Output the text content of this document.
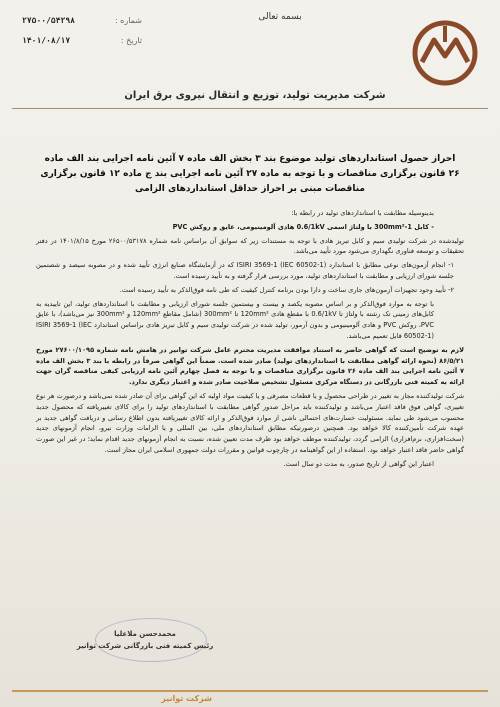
بسمه تعالی
شماره :
۲۷۵۰۰/۵۴۲۹۸
تاریخ :
۱۴۰۱/۰۸/۱۷
شرکت مدیریت تولید، توزیع و انتقال نیروی برق ایران
احراز حصول استانداردهای تولید موضوع بند ۳ بخش الف ماده ۷ آئین نامه اجرایی بند الف ماده ۲۶ قانون برگزاری مناقصات و با توجه به ماده ۲۷ آئین نامه اجرایی بند ج ماده ۱۲ قانون برگزاری مناقصات مبنی بر احراز حداقل استانداردهای الزامی

بدینوسیله مطابقت با استانداردهای تولید در رابطه با:

- کابل 300mm²-1 با ولتاژ اسمی 0.6/1kV هادی آلومینیومی، عایق و روکش PVC

تولیدشده در شرکت تولیدی سیم و کابل تبریز هادی با توجه به مستندات زیر که سوابق آن براساس نامه شماره ۲۶۵۰۰/۵۳۱۷۸ مورخ ۱۴۰۱/۸/۱۵ در دفتر تحقیقات و توسعه فناوری نگهداری می‌شود مورد تأیید می‌باشد.

۱- انجام آزمون‌های نوعی مطابق با استاندارد ISIRI 3569-1 (IEC 60502-1) که در آزمایشگاه صنایع انرژی تأیید شده و در مصوبه سیصد و شصتمین جلسه شورای ارزیابی و مطابقت با استانداردهای تولید، مورد بررسی قرار گرفته و به تأیید رسیده است.

۲- تأیید وجود تجهیزات آزمون‌های جاری ساخت و دارا بودن برنامه کنترل کیفیت که طی نامه فوق‌الذکر به تأیید رسیده است.

با توجه به موارد فوق‌الذکر و بر اساس مصوبه یکصد و بیست و بیستمین جلسه شورای ارزیابی و مطابقت با استانداردهای تولید، این تاییدیه به کابل‌های زمینی تک رشته با ولتاژ تا 0.6/1kV با مقطع هادی 120mm² تا 300mm² (شامل مقاطع 120mm² و 300mm² نیز می‌باشد)، با عایق PVC، روکش PVC و هادی آلومینیومی و بدون آرمور، تولید شده در شرکت تولیدی سیم و کابل تبریز هادی براساس استاندارد ISIRI 3569-1 (IEC 60502-1) قابل تعمیم می‌باشد.

لازم به توضیح است که گواهی حاضر به استناد موافقت مدیریت محترم عامل شرکت توانیر در هامش نامه شماره ۲۷۶۰۰/۱۰۹۵ مورخ ۸۶/۵/۲۱ (نحوه ارائه گواهی مطابقت با استانداردهای تولید) صادر شده است. ضمناً این گواهی صرفاً در رابطه با بند ۳ بخش الف ماده ۷ آئین نامه اجرایی بند الف ماده ۲۶ قانون برگزاری مناقصات و با توجه به فصل چهارم آئین نامه ارزیابی کیفی مناقصه گران جهت ارائه به کمیته فنی بازرگانی در دستگاه مرکزی مسئول تشخیص صلاحیت صادر شده و اعتبار دیگری ندارد.

شرکت تولیدکننده مجاز به تغییر در طراحی محصول و یا قطعات مصرفی و یا کیفیت مواد اولیه که این گواهی برای آن صادر شده نمی‌باشد و درصورت هر نوع تغییری، گواهی فوق فاقد اعتبار می‌باشد و تولیدکننده باید مراحل صدور گواهی مطابقت با استانداردهای تولید را برای کالای تغییریافته که محصول جدید محسوب می‌شود طی نماید. مسئولیت خسارت‌های احتمالی ناشی از موارد فوق‌الذکر و ارائه کالای تغییریافته بدون اطلاع رسانی و دریافت گواهی جدید بر عهده شرکت تأمین‌کننده کالا خواهد بود. همچنین درصورتیکه مطابق استانداردهای ملی، بین المللی و یا الزامات وزارت نیرو، انجام آزمونهای جدید (سخت‌افزاری، نرم‌افزاری) الزامی گردد، تولیدکننده موظف خواهد بود ظرف مدت تعیین شده، نسبت به انجام آزمونهای جدید اقدام نماید؛ در غیر این صورت گواهی حاضر فاقد اعتبار خواهد بود. استفاده از این گواهینامه در چارچوب قوانین و مقررات دولت جمهوری اسلامی ایران مجاز است.

اعتبار این گواهی از تاریخ صدور، به مدت دو سال است.

محمدحسن ملاعلیا
رئیس کمیته فنی بازرگانی شرکت توانیر
شرکت توانیر
